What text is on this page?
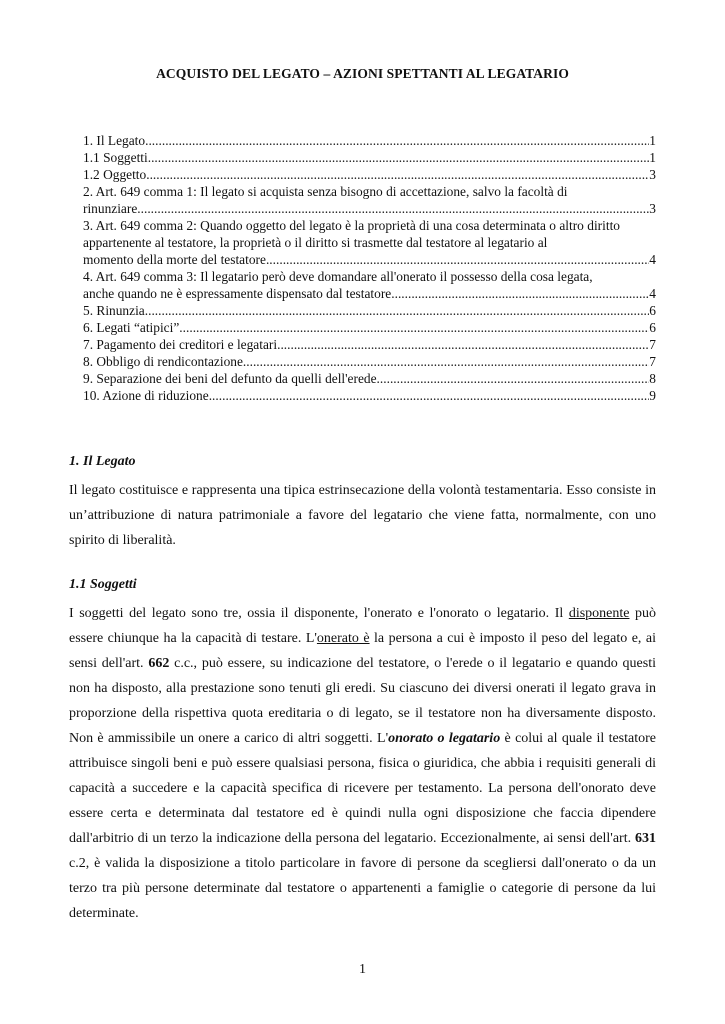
ACQUISTO DEL LEGATO – AZIONI SPETTANTI AL LEGATARIO
1. Il Legato .....	1
1.1 Soggetti .....	1
1.2 Oggetto .....	3
2. Art. 649 comma 1: Il legato si acquista senza bisogno di accettazione, salvo la facoltà di
rinunziare. .....	3
3. Art. 649 comma 2: Quando oggetto del legato è la proprietà di una cosa determinata o altro diritto appartenente al testatore, la proprietà o il diritto si trasmette dal testatore al legatario al
momento della morte del testatore. .....	4
4. Art. 649 comma 3: Il legatario però deve domandare all'onerato il possesso della cosa legata,
anche quando ne è espressamente dispensato dal testatore. .....	4
5. Rinunzia .....	6
6. Legati “atipici” .....	6
7. Pagamento dei creditori e legatari .....	7
8. Obbligo di rendicontazione .....	7
9. Separazione dei beni del defunto da quelli dell'erede .....	8
10. Azione di riduzione .....	9

1. Il Legato

Il legato costituisce e rappresenta una tipica estrinsecazione della volontà testamentaria. Esso consiste in un’attribuzione di natura patrimoniale a favore del legatario che viene fatta, normalmente, con uno spirito di liberalità.

1.1 Soggetti

I soggetti del legato sono tre, ossia il disponente, l'onerato e l'onorato o legatario. Il disponente può essere chiunque ha la capacità di testare. L'onerato è la persona a cui è imposto il peso del legato e, ai sensi dell'art. 662 c.c., può essere, su indicazione del testatore, o l'erede o il legatario e quando questi non ha disposto, alla prestazione sono tenuti gli eredi. Su ciascuno dei diversi onerati il legato grava in proporzione della rispettiva quota ereditaria o di legato, se il testatore non ha diversamente disposto. Non è ammissibile un onere a carico di altri soggetti. L'onorato o legatario è colui al quale il testatore attribuisce singoli beni e può essere qualsiasi persona, fisica o giuridica, che abbia i requisiti generali di capacità a succedere e la capacità specifica di ricevere per testamento. La persona dell'onorato deve essere certa e determinata dal testatore ed è quindi nulla ogni disposizione che faccia dipendere dall'arbitrio di un terzo la indicazione della persona del legatario. Eccezionalmente, ai sensi dell'art. 631 c.2, è valida la disposizione a titolo particolare in favore di persone da scegliersi dall'onerato o da un terzo tra più persone determinate dal testatore o appartenenti a famiglie o categorie di persone da lui determinate.

1
